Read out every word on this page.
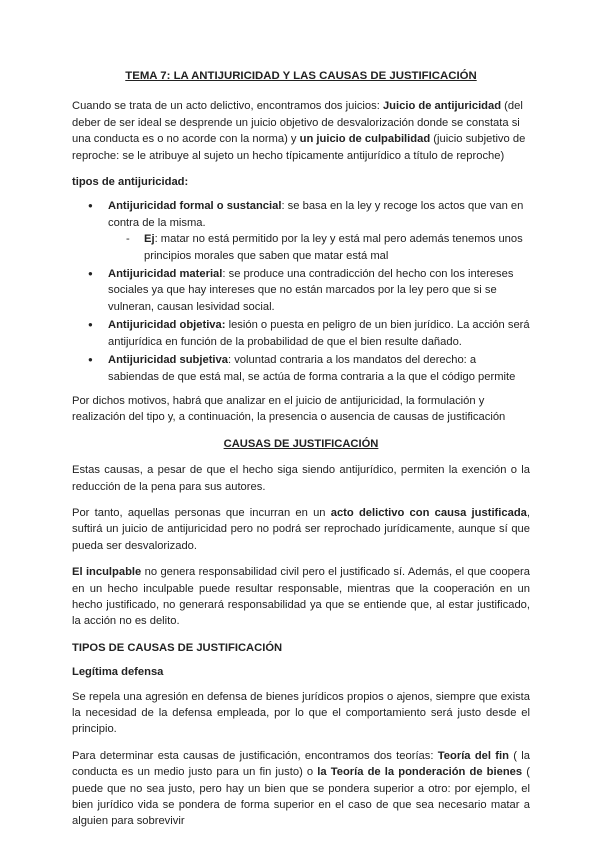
TEMA 7: LA ANTIJURICIDAD Y LAS CAUSAS DE JUSTIFICACIÓN

Cuando se trata de un acto delictivo, encontramos dos juicios: Juicio de antijuricidad (del deber de ser ideal se desprende un juicio objetivo de desvalorización donde se constata si una conducta es o no acorde con la norma) y un juicio de culpabilidad (juicio subjetivo de reproche: se le atribuye al sujeto un hecho típicamente antijurídico a título de reproche)

tipos de antijuricidad:
● Antijuricidad formal o sustancial: se basa en la ley y recoge los actos que van en contra de la misma.
- Ej: matar no está permitido por la ley y está mal pero además tenemos unos principios morales que saben que matar está mal
● Antijuricidad material: se produce una contradicción del hecho con los intereses sociales ya que hay intereses que no están marcados por la ley pero que si se vulneran, causan lesividad social.
● Antijuricidad objetiva: lesión o puesta en peligro de un bien jurídico. La acción será antijurídica en función de la probabilidad de que el bien resulte dañado.
● Antijuricidad subjetiva: voluntad contraria a los mandatos del derecho: a sabiendas de que está mal, se actúa de forma contraria a la que el código permite

Por dichos motivos, habrá que analizar en el juicio de antijuricidad, la formulación y realización del tipo y, a continuación, la presencia o ausencia de causas de justificación

CAUSAS DE JUSTIFICACIÓN

Estas causas, a pesar de que el hecho siga siendo antijurídico, permiten la exención o la reducción de la pena para sus autores.

Por tanto, aquellas personas que incurran en un acto delictivo con causa justificada, suftirá un juicio de antijuricidad pero no podrá ser reprochado jurídicamente, aunque sí que pueda ser desvalorizado.

El inculpable no genera responsabilidad civil pero el justificado sí. Además, el que coopera en un hecho inculpable puede resultar responsable, mientras que la cooperación en un hecho justificado, no generará responsabilidad ya que se entiende que, al estar justificado, la acción no es delito.

TIPOS DE CAUSAS DE JUSTIFICACIÓN
Legítima defensa

Se repela una agresión en defensa de bienes jurídicos propios o ajenos, siempre que exista la necesidad de la defensa empleada, por lo que el comportamiento será justo desde el principio.

Para determinar esta causas de justificación, encontramos dos teorías: Teoría del fin ( la conducta es un medio justo para un fin justo) o la Teoría de la ponderación de bienes ( puede que no sea justo, pero hay un bien que se pondera superior a otro: por ejemplo, el bien jurídico vida se pondera de forma superior en el caso de que sea necesario matar a alguien para sobrevivir
